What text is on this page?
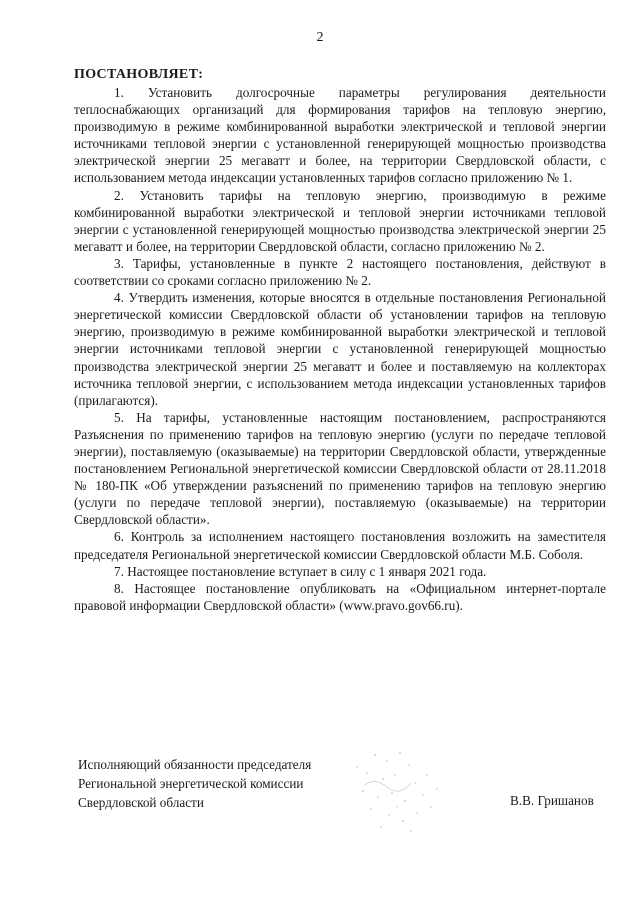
2
ПОСТАНОВЛЯЕТ:

1. Установить долгосрочные параметры регулирования деятельности теплоснабжающих организаций для формирования тарифов на тепловую энергию, производимую в режиме комбинированной выработки электрической и тепловой энергии источниками тепловой энергии с установленной генерирующей мощностью производства электрической энергии 25 мегаватт и более, на территории Свердловской области, с использованием метода индексации установленных тарифов согласно приложению № 1.

2. Установить тарифы на тепловую энергию, производимую в режиме комбинированной выработки электрической и тепловой энергии источниками тепловой энергии с установленной генерирующей мощностью производства электрической энергии 25 мегаватт и более, на территории Свердловской области, согласно приложению № 2.

3. Тарифы, установленные в пункте 2 настоящего постановления, действуют в соответствии со сроками согласно приложению № 2.

4. Утвердить изменения, которые вносятся в отдельные постановления Региональной энергетической комиссии Свердловской области об установлении тарифов на тепловую энергию, производимую в режиме комбинированной выработки электрической и тепловой энергии источниками тепловой энергии с установленной генерирующей мощностью производства электрической энергии 25 мегаватт и более и поставляемую на коллекторах источника тепловой энергии, с использованием метода индексации установленных тарифов (прилагаются).

5. На тарифы, установленные настоящим постановлением, распространяются Разъяснения по применению тарифов на тепловую энергию (услуги по передаче тепловой энергии), поставляемую (оказываемые) на территории Свердловской области, утвержденные постановлением Региональной энергетической комиссии Свердловской области от 28.11.2018 № 180-ПК «Об утверждении разъяснений по применению тарифов на тепловую энергию (услуги по передаче тепловой энергии), поставляемую (оказываемые) на территории Свердловской области».

6. Контроль за исполнением настоящего постановления возложить на заместителя председателя Региональной энергетической комиссии Свердловской области М.Б. Соболя.

7. Настоящее постановление вступает в силу с 1 января 2021 года.

8. Настоящее постановление опубликовать на «Официальном интернет-портале правовой информации Свердловской области» (www.pravo.gov66.ru).

Исполняющий обязанности председателя
Региональной энергетической комиссии
Свердловской области	В.В. Гришанов
